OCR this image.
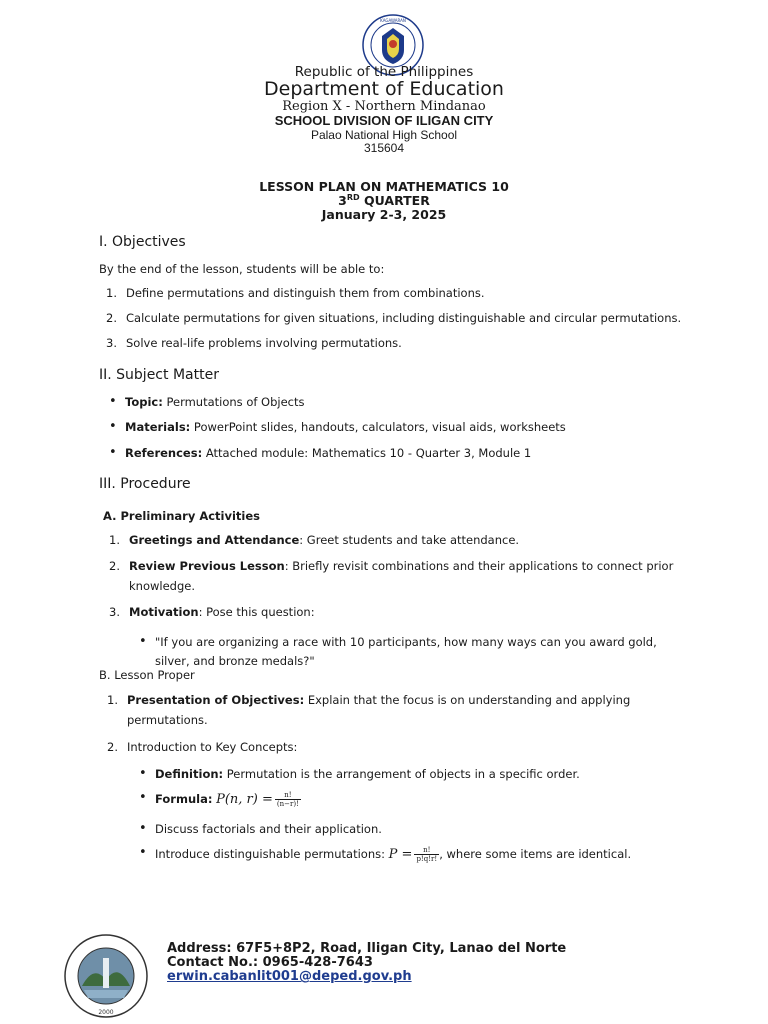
KAGAWARAN
Republic of the Philippines
Department of Education
Region X - Northern Mindanao
SCHOOL DIVISION OF ILIGAN CITY
Palao National High School
315604
LESSON PLAN ON MATHEMATICS 10
3RD QUARTER
January 2-3, 2025
I. Objectives
By the end of the lesson, students will be able to:
1. Define permutations and distinguish them from combinations.
2. Calculate permutations for given situations, including distinguishable and circular permutations.
3. Solve real-life problems involving permutations.
II. Subject Matter
• Topic: Permutations of Objects
• Materials: PowerPoint slides, handouts, calculators, visual aids, worksheets
• References: Attached module: Mathematics 10 - Quarter 3, Module 1
III. Procedure
A. Preliminary Activities
1. Greetings and Attendance: Greet students and take attendance.
2. Review Previous Lesson: Briefly revisit combinations and their applications to connect prior
knowledge.
3. Motivation: Pose this question:
• "If you are organizing a race with 10 participants, how many ways can you award gold,
silver, and bronze medals?"
B. Lesson Proper
1. Presentation of Objectives: Explain that the focus is on understanding and applying
permutations.
2. Introduction to Key Concepts:
• Definition: Permutation is the arrangement of objects in a specific order.
• Formula: P(n, $r) = \frac{n!}{(n-r)!}$
• Discuss factorials and their application.
• Introduce distinguishable permutations: $P = \frac{n!}{p!q!r!}$ , where some items are identical.
2000
Address: 67F5+8P2, Road, Iligan City, Lanao del Norte
Contact No.: 0965-428-7643
erwin.cabanlit001@deped.gov.ph
